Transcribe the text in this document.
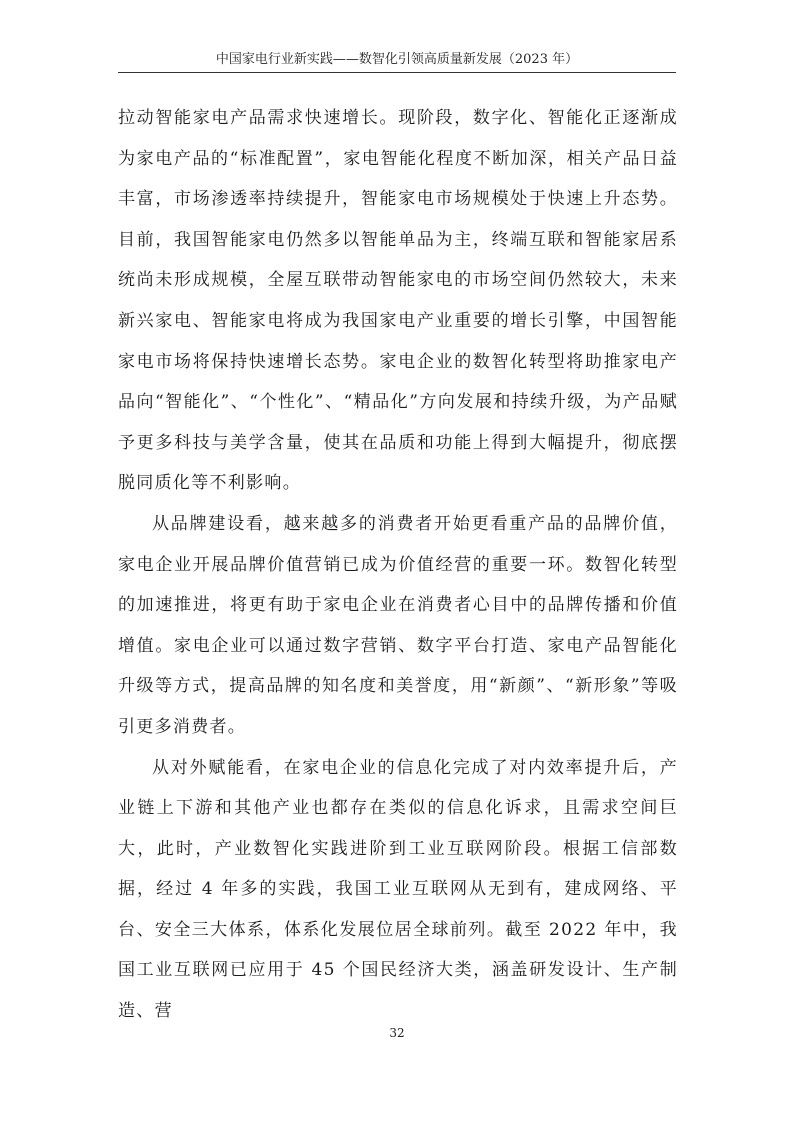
中国家电行业新实践——数智化引领高质量新发展（2023 年）

拉动智能家电产品需求快速增长。现阶段，数字化、智能化正逐渐成为家电产品的“标准配置”，家电智能化程度不断加深，相关产品日益丰富，市场渗透率持续提升，智能家电市场规模处于快速上升态势。目前，我国智能家电仍然多以智能单品为主，终端互联和智能家居系统尚未形成规模，全屋互联带动智能家电的市场空间仍然较大，未来新兴家电、智能家电将成为我国家电产业重要的增长引擎，中国智能家电市场将保持快速增长态势。家电企业的数智化转型将助推家电产品向“智能化”、“个性化”、“精品化”方向发展和持续升级，为产品赋予更多科技与美学含量，使其在品质和功能上得到大幅提升，彻底摆脱同质化等不利影响。

从品牌建设看，越来越多的消费者开始更看重产品的品牌价值，家电企业开展品牌价值营销已成为价值经营的重要一环。数智化转型的加速推进，将更有助于家电企业在消费者心目中的品牌传播和价值增值。家电企业可以通过数字营销、数字平台打造、家电产品智能化升级等方式，提高品牌的知名度和美誉度，用“新颜”、“新形象”等吸引更多消费者。

从对外赋能看，在家电企业的信息化完成了对内效率提升后，产业链上下游和其他产业也都存在类似的信息化诉求，且需求空间巨大，此时，产业数智化实践进阶到工业互联网阶段。根据工信部数据，经过 4 年多的实践，我国工业互联网从无到有，建成网络、平台、安全三大体系，体系化发展位居全球前列。截至 2022 年中，我国工业互联网已应用于 45 个国民经济大类，涵盖研发设计、生产制造、营

32
